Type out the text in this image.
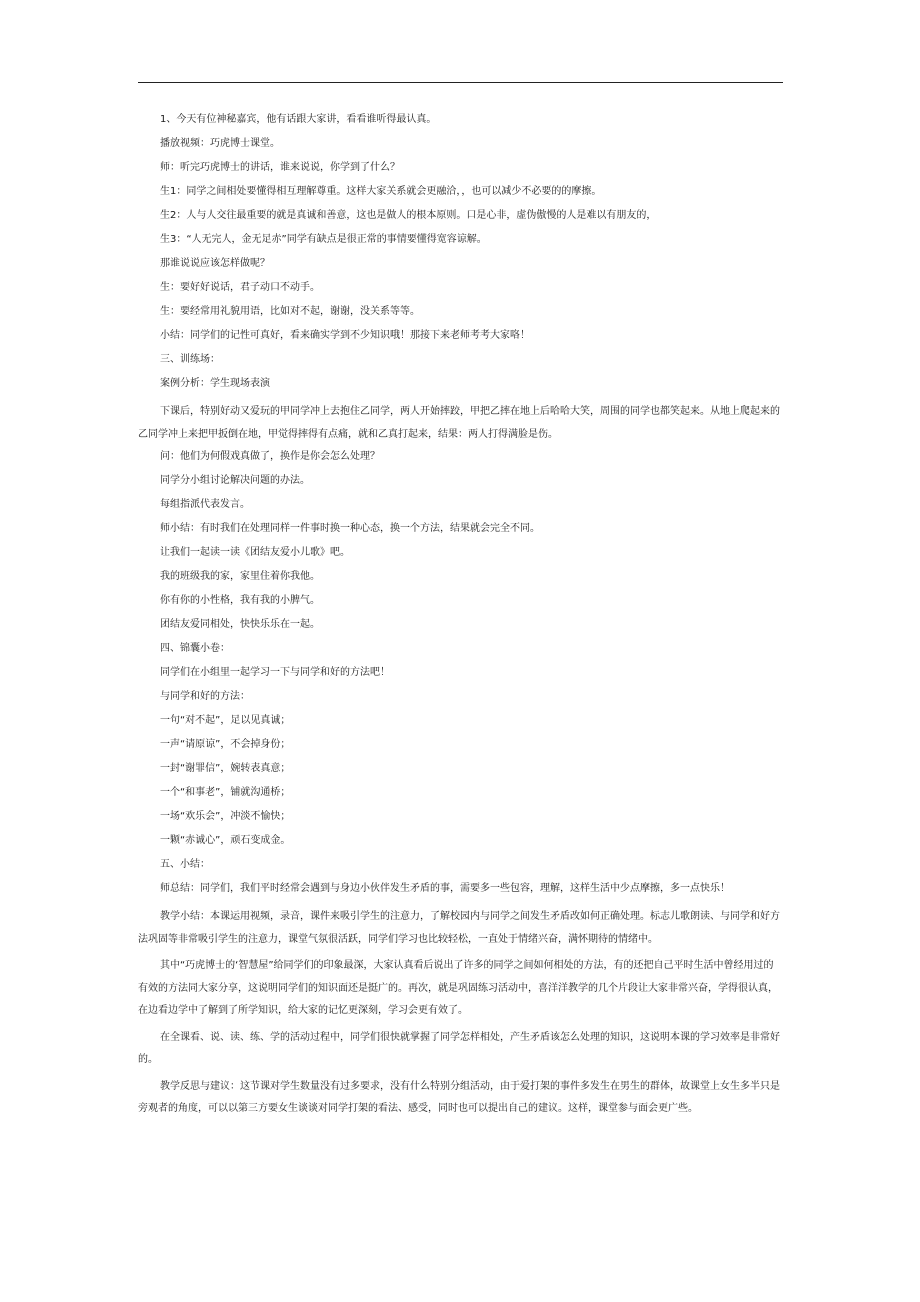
1、今天有位神秘嘉宾，他有话跟大家讲，看看谁听得最认真。

播放视频：巧虎博士课堂。

师：听完巧虎博士的讲话，谁来说说，你学到了什么？

生1：同学之间相处要懂得相互理解尊重。这样大家关系就会更融洽，，也可以减少不必要的的摩擦。

生2：人与人交往最重要的就是真诚和善意，这也是做人的根本原则。口是心非，虚伪傲慢的人是难以有朋友的，

生3：“人无完人，金无足赤”同学有缺点是很正常的事情要懂得宽容谅解。

那谁说说应该怎样做呢？

生：要好好说话，君子动口不动手。

生：要经常用礼貌用语，比如对不起，谢谢，没关系等等。

小结：同学们的记性可真好，看来确实学到不少知识哦！那接下来老师考考大家咯！

三、训练场：

案例分析：学生现场表演

下课后，特别好动又爱玩的甲同学冲上去抱住乙同学，两人开始摔跤，甲把乙摔在地上后哈哈大笑，周围的同学也都笑起来。从地上爬起来的乙同学冲上来把甲扳倒在地，甲觉得摔得有点痛，就和乙真打起来，结果：两人打得满脸是伤。

问：他们为何假戏真做了，换作是你会怎么处理？

同学分小组讨论解决问题的办法。

每组指派代表发言。

师小结：有时我们在处理同样一件事时换一种心态，换一个方法，结果就会完全不同。

让我们一起读一读《团结友爱小儿歌》吧。

我的班级我的家，家里住着你我他。

你有你的小性格，我有我的小脾气。

团结友爱同相处，快快乐乐在一起。

四、锦囊小卷：

同学们在小组里一起学习一下与同学和好的方法吧！

与同学和好的方法：

一句“对不起”，足以见真诚；

一声“请原谅”，不会掉身份；

一封“谢罪信”，婉转表真意；

一个“和事老”，铺就沟通桥；

一场“欢乐会”，冲淡不愉快；

一颗“赤诚心”，顽石变成金。

五、小结：

师总结：同学们，我们平时经常会遇到与身边小伙伴发生矛盾的事，需要多一些包容，理解，这样生活中少点摩擦，多一点快乐！

教学小结：本课运用视频，录音，课件来吸引学生的注意力，了解校园内与同学之间发生矛盾改如何正确处理。标志儿歌朗读、与同学和好方法巩固等非常吸引学生的注意力，课堂气氛很活跃，同学们学习也比较轻松，一直处于情绪兴奋，满怀期待的情绪中。

其中“巧虎博士的‘智慧屋”给同学们的印象最深，大家认真看后说出了许多的同学之间如何相处的方法，有的还把自己平时生活中曾经用过的有效的方法同大家分享，这说明同学们的知识面还是挺广的。再次，就是巩固练习活动中，喜洋洋教学的几个片段让大家非常兴奋，学得很认真，在边看边学中了解到了所学知识，给大家的记忆更深刻，学习会更有效了。

在全课看、说、读、练、学的活动过程中，同学们很快就掌握了同学怎样相处，产生矛盾该怎么处理的知识，这说明本课的学习效率是非常好的。

教学反思与建议：这节课对学生数量没有过多要求，没有什么特别分组活动，由于爱打架的事件多发生在男生的群体，故课堂上女生多半只是旁观者的角度，可以以第三方要女生谈谈对同学打架的看法、感受，同时也可以提出自己的建议。这样，课堂参与面会更广些。
